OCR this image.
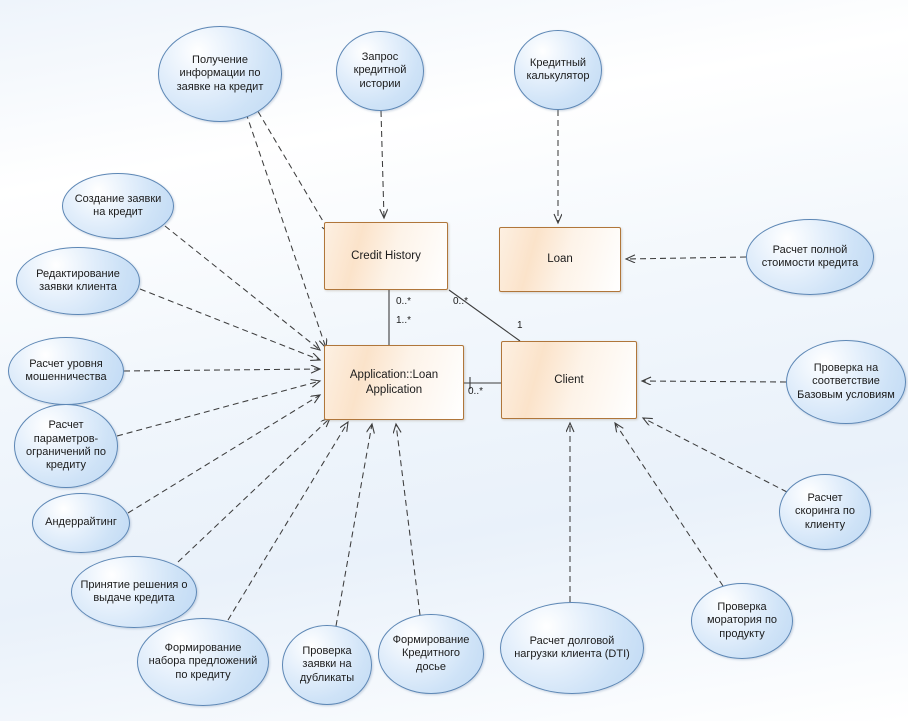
Credit History	Loan
Application::Loan Application
Client
0..*
1..*
0..*
1
0..*
Получение информации по заявке на кредит
Запрос кредитной истории
Кредитный калькулятор
Расчет полной стоимости кредита
Создание заявки на кредит
Редактирование заявки клиента
Расчет уровня мошенничества
Расчет параметров-ограничений по кредиту
Андеррайтинг
Принятие решения о выдаче кредита
Формирование набора предложений по кредиту
Проверка заявки на дубликаты
Формирование Кредитного досье
Расчет долговой нагрузки клиента (DTI)
Проверка моратория по продукту
Расчет скоринга по клиенту
Проверка на соответствие Базовым условиям
